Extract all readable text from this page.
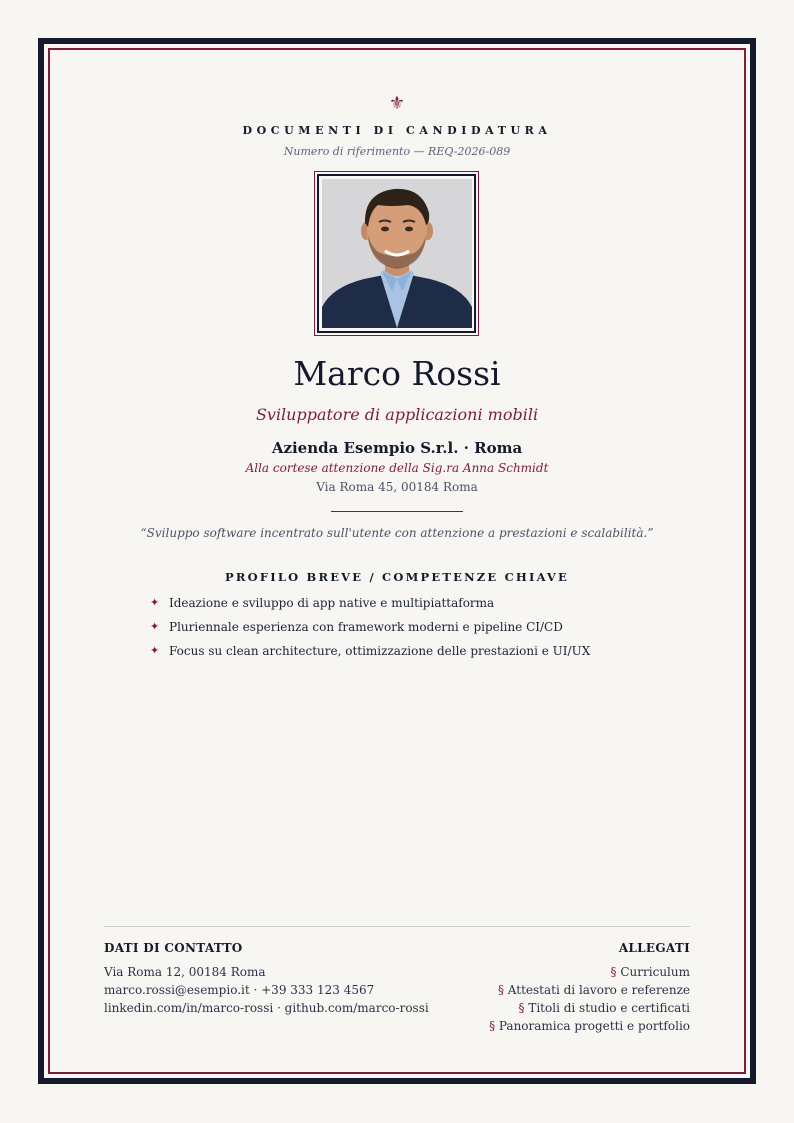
⚜
DOCUMENTI DI CANDIDATURA
Numero di riferimento — REQ-2026-089
Marco Rossi
Sviluppatore di applicazioni mobili
Azienda Esempio S.r.l. · Roma
Alla cortese attenzione della Sig.ra Anna Schmidt
Via Roma 45, 00184 Roma
“Sviluppo software incentrato sull'utente con attenzione a prestazioni e scalabilità.”
PROFILO BREVE / COMPETENZE CHIAVE
✦ Ideazione e sviluppo di app native e multipiattaforma
✦ Pluriennale esperienza con framework moderni e pipeline CI/CD
✦ Focus su clean architecture, ottimizzazione delle prestazioni e UI/UX
DATI DI CONTATTO
Via Roma 12, 00184 Roma
marco.rossi@esempio.it · +39 333 123 4567
linkedin.com/in/marco-rossi · github.com/marco-rossi
ALLEGATI
§ Curriculum
§ Attestati di lavoro e referenze
§ Titoli di studio e certificati
§ Panoramica progetti e portfolio
